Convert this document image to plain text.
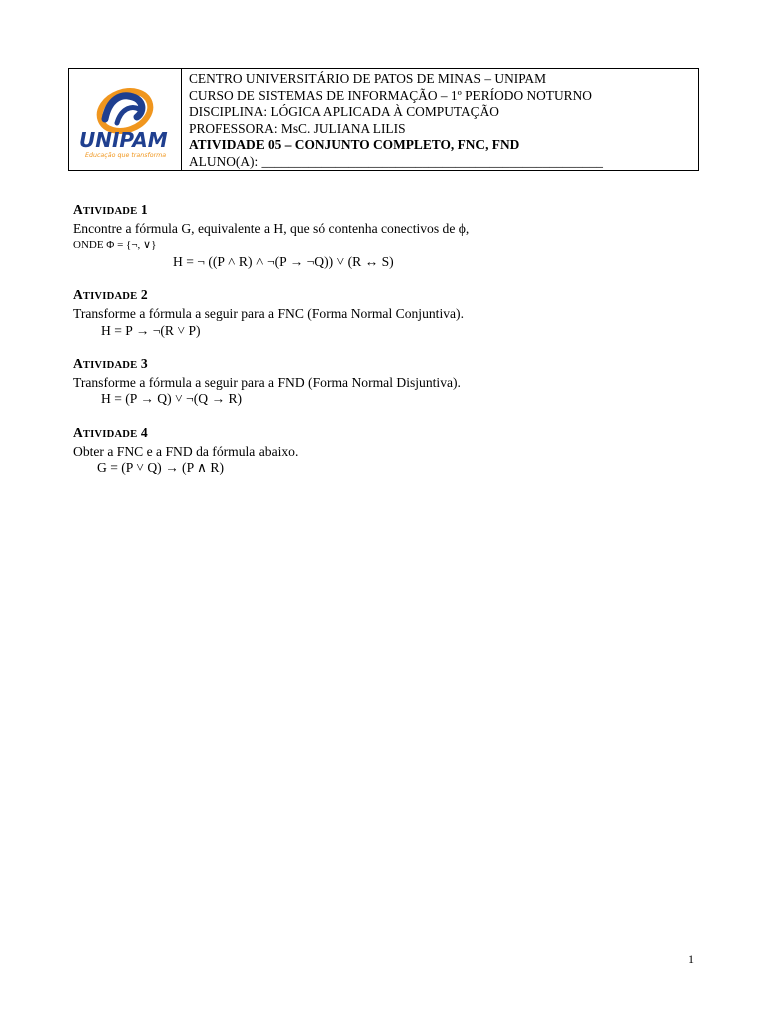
UNIPAM
Educação que transforma
CENTRO UNIVERSITÁRIO DE PATOS DE MINAS – UNIPAM
CURSO DE SISTEMAS DE INFORMAÇÃO – 1º PERÍODO NOTURNO
DISCIPLINA: LÓGICA APLICADA À COMPUTAÇÃO
PROFESSORA: MsC. JULIANA LILIS
ATIVIDADE 05 – CONJUNTO COMPLETO, FNC, FND
ALUNO(A): ___________________________________________________
ATIVIDADE 1
Encontre a fórmula G, equivalente a H, que só contenha conectivos de ϕ,
ONDE Φ = {¬, ∨}
H = ¬ ((P ˄ R) ˄ ¬(P → ¬Q)) ˅ (R ↔ S)
ATIVIDADE 2
Transforme a fórmula a seguir para a FNC (Forma Normal Conjuntiva).
H = P → ¬(R ˅ P)
ATIVIDADE 3
Transforme a fórmula a seguir para a FND (Forma Normal Disjuntiva).
H = (P → Q) ˅ ¬(Q → R)
ATIVIDADE 4
Obter a FNC e a FND da fórmula abaixo.
G = (P ˅ Q) → (P ∧ R)
1
